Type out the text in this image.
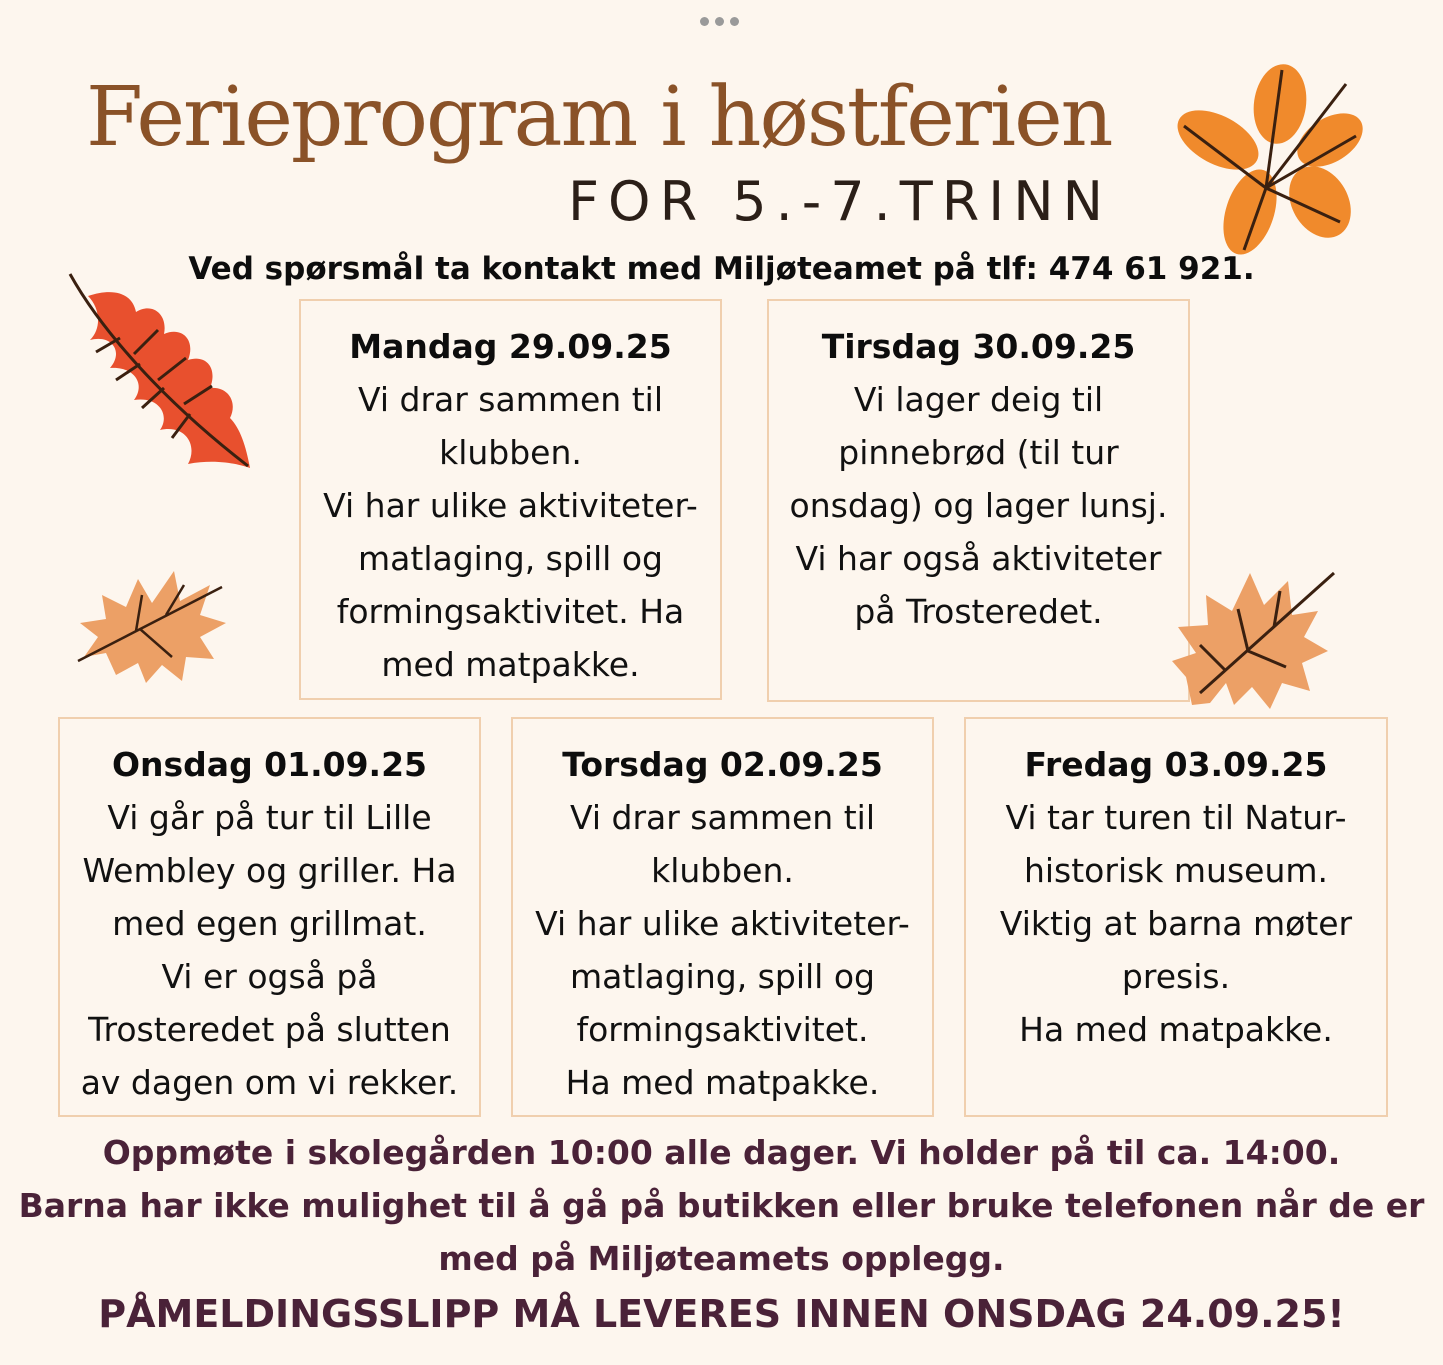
Ferieprogram i høstferien
FOR 5.-7.TRINN
Ved spørsmål ta kontakt med Miljøteamet på tlf: 474 61 921.
Mandag 29.09.25
Vi drar sammen til
klubben.
Vi har ulike aktiviteter-
matlaging, spill og
formingsaktivitet. Ha
med matpakke.
Tirsdag 30.09.25
Vi lager deig til
pinnebrød (til tur
onsdag) og lager lunsj.
Vi har også aktiviteter
på Trosteredet.
Onsdag 01.09.25
Vi går på tur til Lille
Wembley og griller. Ha
med egen grillmat.
Vi er også på
Trosteredet på slutten
av dagen om vi rekker.
Torsdag 02.09.25
Vi drar sammen til
klubben.
Vi har ulike aktiviteter-
matlaging, spill og
formingsaktivitet.
Ha med matpakke.
Fredag 03.09.25
Vi tar turen til Natur-
historisk museum.
Viktig at barna møter
presis.
Ha med matpakke.
Oppmøte i skolegården 10:00 alle dager. Vi holder på til ca. 14:00.
Barna har ikke mulighet til å gå på butikken eller bruke telefonen når de er
med på Miljøteamets opplegg.
PÅMELDINGSSLIPP MÅ LEVERES INNEN ONSDAG 24.09.25!
